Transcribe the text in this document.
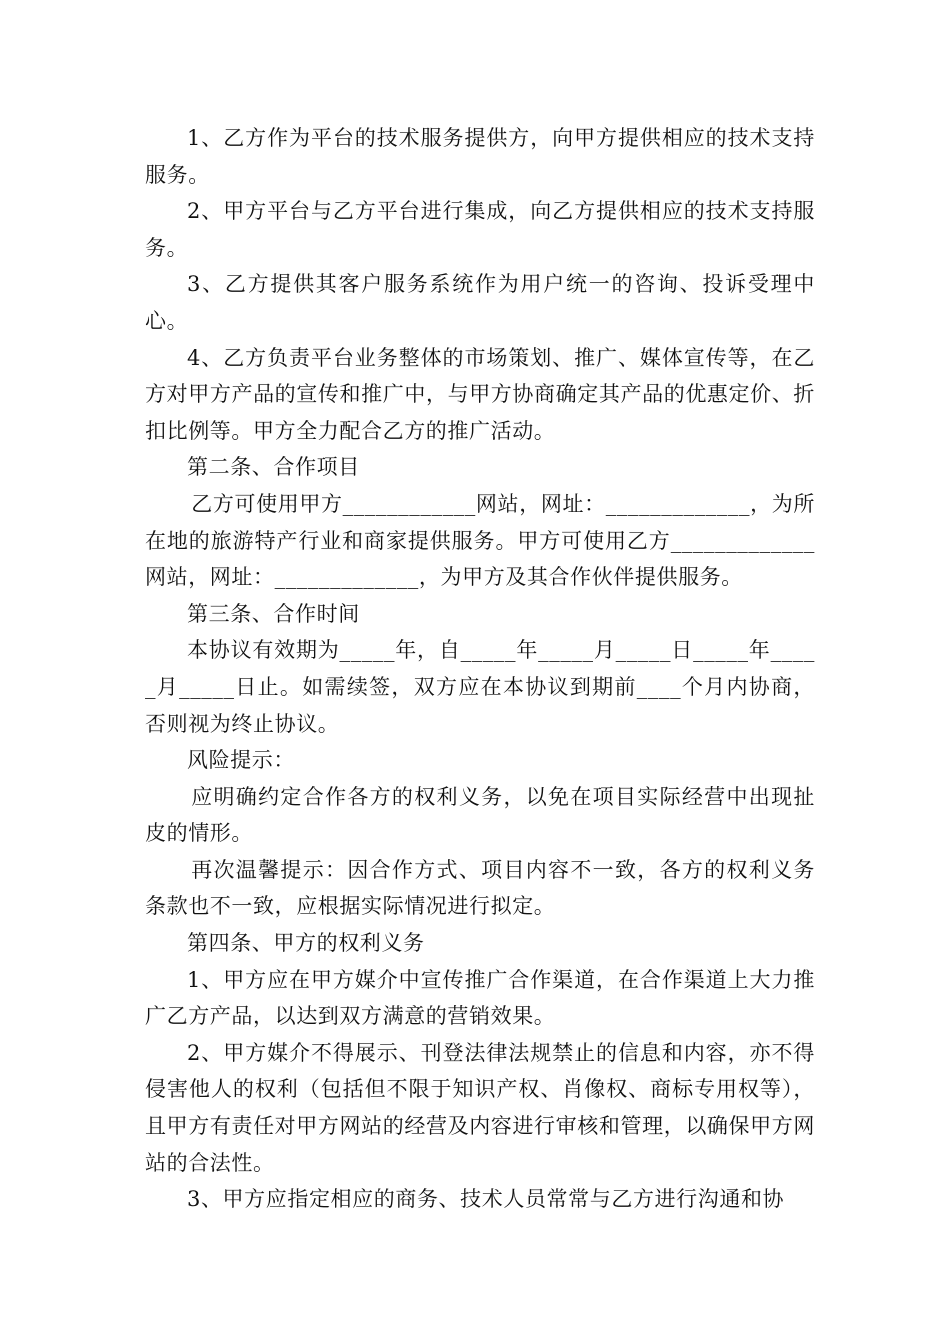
1、乙方作为平台的技术服务提供方，向甲方提供相应的技术支持服务。

2、甲方平台与乙方平台进行集成，向乙方提供相应的技术支持服务。

3、乙方提供其客户服务系统作为用户统一的咨询、投诉受理中心。

4、乙方负责平台业务整体的市场策划、推广、媒体宣传等，在乙方对甲方产品的宣传和推广中，与甲方协商确定其产品的优惠定价、折扣比例等。甲方全力配合乙方的推广活动。

第二条、合作项目

乙方可使用甲方____________网站，网址：_____________，为所在地的旅游特产行业和商家提供服务。甲方可使用乙方_____________网站，网址：_____________，为甲方及其合作伙伴提供服务。

第三条、合作时间

本协议有效期为_____年，自_____年_____月_____日_____年_____月_____日止。如需续签，双方应在本协议到期前____个月内协商，否则视为终止协议。

风险提示：

应明确约定合作各方的权利义务，以免在项目实际经营中出现扯皮的情形。

再次温馨提示：因合作方式、项目内容不一致，各方的权利义务条款也不一致，应根据实际情况进行拟定。

第四条、甲方的权利义务

1、甲方应在甲方媒介中宣传推广合作渠道，在合作渠道上大力推广乙方产品，以达到双方满意的营销效果。

2、甲方媒介不得展示、刊登法律法规禁止的信息和内容，亦不得侵害他人的权利（包括但不限于知识产权、肖像权、商标专用权等），且甲方有责任对甲方网站的经营及内容进行审核和管理，以确保甲方网站的合法性。

3、甲方应指定相应的商务、技术人员常常与乙方进行沟通和协
